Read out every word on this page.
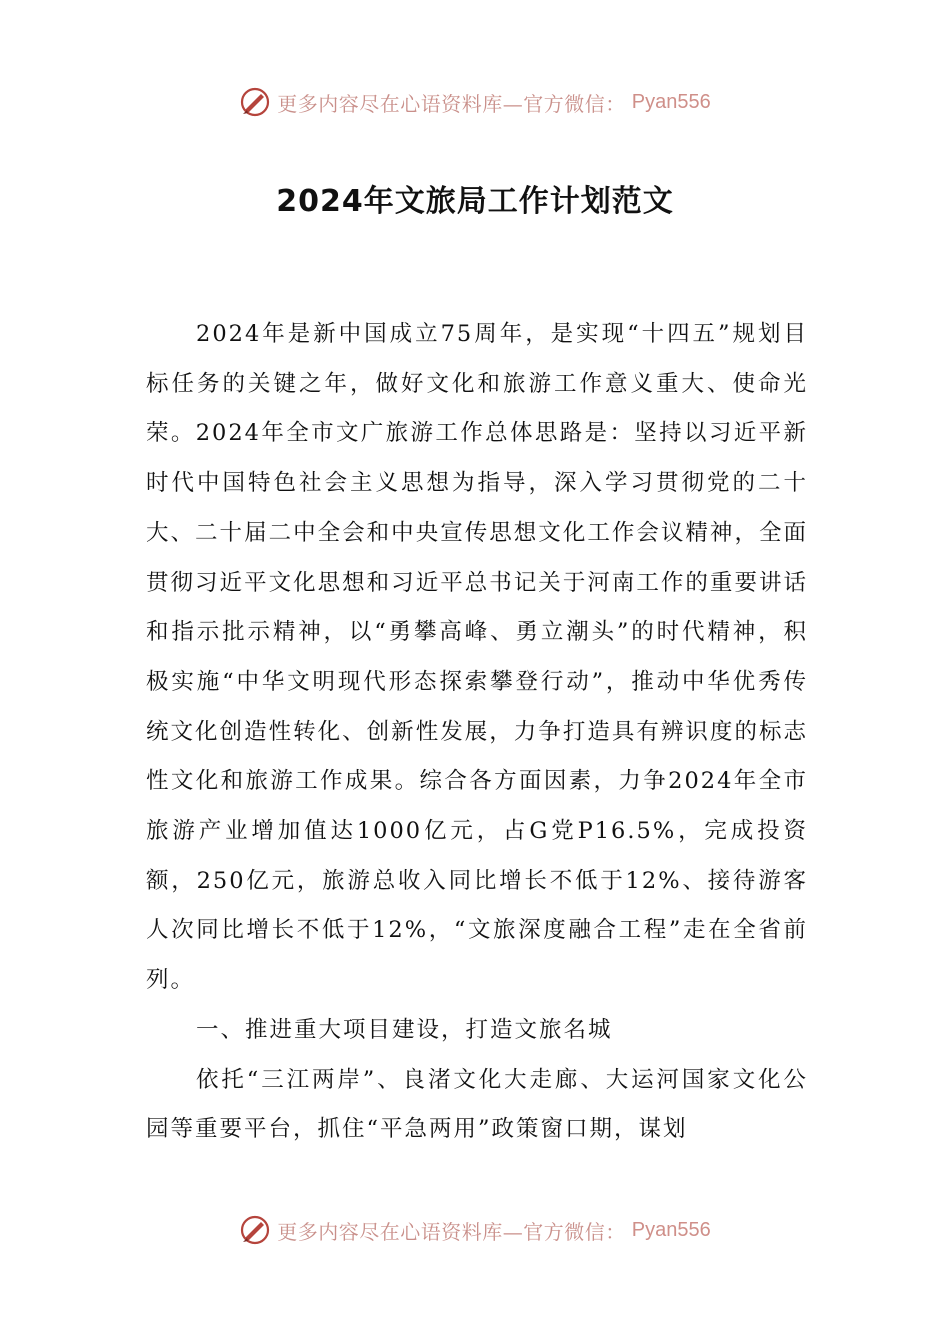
更多内容尽在心语资料库—官方微信： Pyan556
2024年文旅局工作计划范文

2024年是新中国成立75周年，是实现“十四五”规划目标任务的关键之年，做好文化和旅游工作意义重大、使命光荣。2024年全市文广旅游工作总体思路是：坚持以习近平新时代中国特色社会主义思想为指导，深入学习贯彻党的二十大、二十届二中全会和中央宣传思想文化工作会议精神，全面贯彻习近平文化思想和习近平总书记关于河南工作的重要讲话和指示批示精神，以“勇攀高峰、勇立潮头”的时代精神，积极实施“中华文明现代形态探索攀登行动”，推动中华优秀传统文化创造性转化、创新性发展，力争打造具有辨识度的标志性文化和旅游工作成果。综合各方面因素，力争2024年全市旅游产业增加值达1000亿元，占G党P16.5%，完成投资额，250亿元，旅游总收入同比增长不低于12%、接待游客人次同比增长不低于12%，“文旅深度融合工程”走在全省前列。

一、推进重大项目建设，打造文旅名城

依托“三江两岸”、良渚文化大走廊、大运河国家文化公园等重要平台，抓住“平急两用”政策窗口期，谋划

更多内容尽在心语资料库—官方微信： Pyan556
